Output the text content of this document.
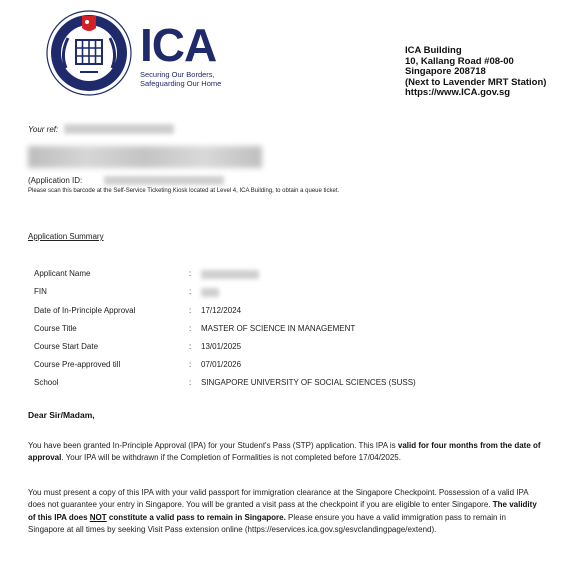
ICA
Securing Our Borders,
Safeguarding Our Home
ICA Building
10, Kallang Road #08-00
Singapore 208718
(Next to Lavender MRT Station)
https://www.ICA.gov.sg
Your ref:
(Application ID:
Please scan this barcode at the Self-Service Ticketing Kiosk located at Level 4, ICA Building, to obtain a queue ticket.
Application Summary
Applicant Name	:
FIN	:
Date of In-Principle Approval	: 17/12/2024
Course Title	: MASTER OF SCIENCE IN MANAGEMENT
Course Start Date	: 13/01/2025
Course Pre-approved till	: 07/01/2026
School	: SINGAPORE UNIVERSITY OF SOCIAL SCIENCES (SUSS)
Dear Sir/Madam,
You have been granted In-Principle Approval (IPA) for your Student's Pass (STP) application. This IPA is valid for four months from the date of approval. Your IPA will be withdrawn if the Completion of Formalities is not completed before 17/04/2025.
You must present a copy of this IPA with your valid passport for immigration clearance at the Singapore Checkpoint. Possession of a valid IPA does not guarantee your entry in Singapore. You will be granted a visit pass at the checkpoint if you are eligible to enter Singapore. The validity of this IPA does NOT constitute a valid pass to remain in Singapore. Please ensure you have a valid immigration pass to remain in Singapore at all times by seeking Visit Pass extension online (https://eservices.ica.gov.sg/esvclandingpage/extend).
